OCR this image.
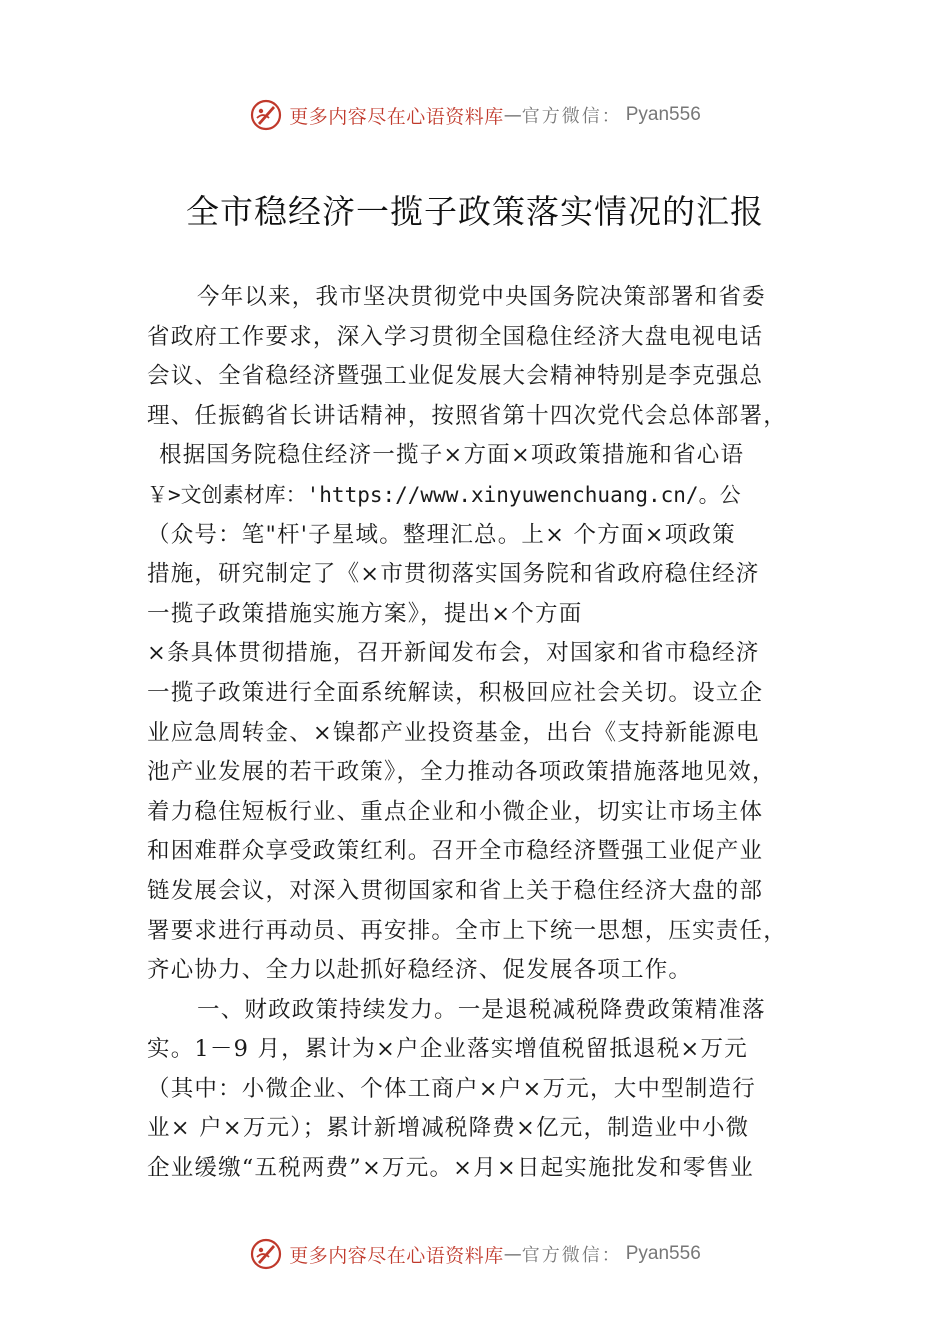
更多内容尽在心语资料库 — 官方微信： Pyan556
全市稳经济一揽子政策落实情况的汇报
今年以来，我市坚决贯彻党中央国务院决策部署和省委
省政府工作要求，深入学习贯彻全国稳住经济大盘电视电话
会议、全省稳经济暨强工业促发展大会精神特别是李克强总
理、任振鹤省长讲话精神，按照省第十四次党代会总体部署，
根据国务院稳住经济一揽子×方面×项政策措施和省心语
￥>文创素材库：'https://www.xinyuwenchuang.cn/。公
（众号：笔"杆'子星域。整理汇总。上× 个方面×项政策
措施，研究制定了《×市贯彻落实国务院和省政府稳住经济
一揽子政策措施实施方案》，提出×个方面
×条具体贯彻措施，召开新闻发布会，对国家和省市稳经济
一揽子政策进行全面系统解读，积极回应社会关切。设立企
业应急周转金、×镍都产业投资基金，出台《支持新能源电
池产业发展的若干政策》，全力推动各项政策措施落地见效，
着力稳住短板行业、重点企业和小微企业，切实让市场主体
和困难群众享受政策红利。召开全市稳经济暨强工业促产业
链发展会议，对深入贯彻国家和省上关于稳住经济大盘的部
署要求进行再动员、再安排。全市上下统一思想，压实责任，
齐心协力、全力以赴抓好稳经济、促发展各项工作。
一、财政政策持续发力。一是退税减税降费政策精准落
实。1－9 月，累计为×户企业落实增值税留抵退税×万元
（其中：小微企业、个体工商户×户×万元，大中型制造行
业× 户×万元）；累计新增减税降费×亿元，制造业中小微
企业缓缴“五税两费”×万元。×月×日起实施批发和零售业
更多内容尽在心语资料库 — 官方微信： Pyan556
